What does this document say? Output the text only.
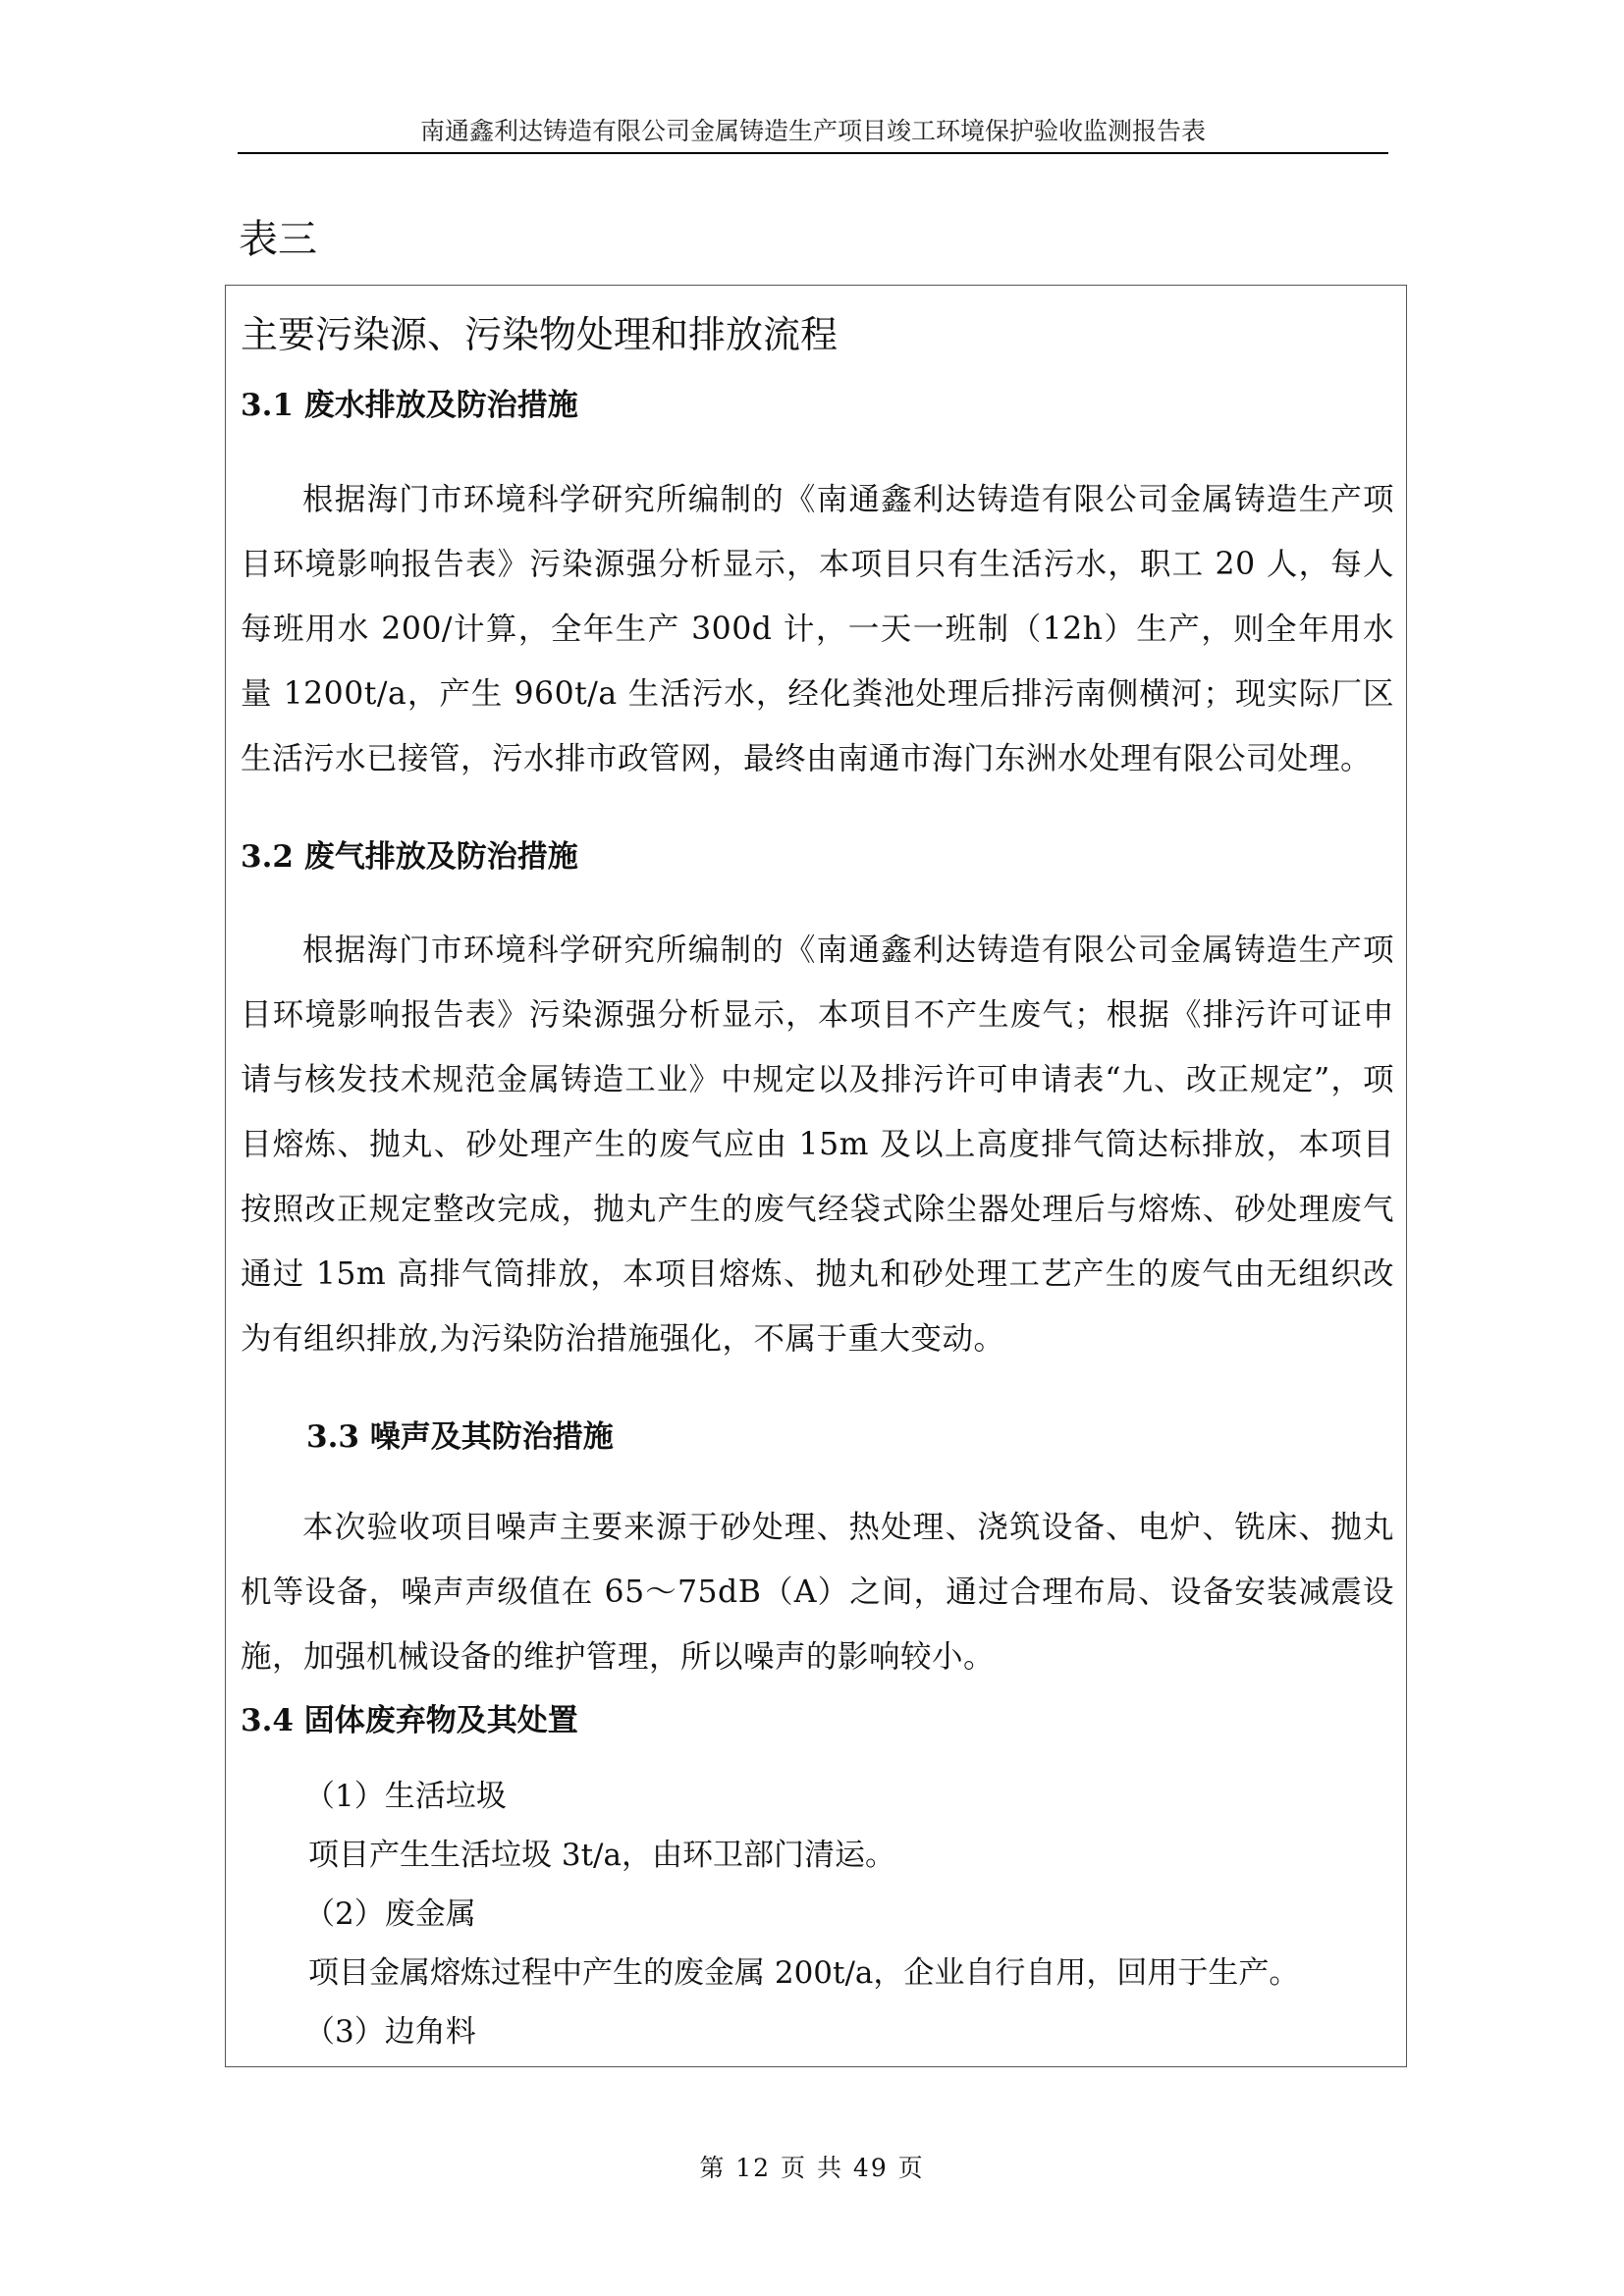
南通鑫利达铸造有限公司金属铸造生产项目竣工环境保护验收监测报告表
表三
主要污染源、污染物处理和排放流程
3.1 废水排放及防治措施

根据海门市环境科学研究所编制的《南通鑫利达铸造有限公司金属铸造生产项目环境影响报告表》污染源强分析显示，本项目只有生活污水，职工 20 人，每人每班用水 200/计算，全年生产 300d 计，一天一班制（12h）生产，则全年用水量 1200t/a，产生 960t/a 生活污水，经化粪池处理后排污南侧横河；现实际厂区生活污水已接管，污水排市政管网，最终由南通市海门东洲水处理有限公司处理。

3.2 废气排放及防治措施

根据海门市环境科学研究所编制的《南通鑫利达铸造有限公司金属铸造生产项目环境影响报告表》污染源强分析显示，本项目不产生废气；根据《排污许可证申请与核发技术规范金属铸造工业》中规定以及排污许可申请表“九、改正规定”，项目熔炼、抛丸、砂处理产生的废气应由 15m 及以上高度排气筒达标排放，本项目按照改正规定整改完成，抛丸产生的废气经袋式除尘器处理后与熔炼、砂处理废气通过 15m 高排气筒排放，本项目熔炼、抛丸和砂处理工艺产生的废气由无组织改为有组织排放,为污染防治措施强化，不属于重大变动。

3.3 噪声及其防治措施

本次验收项目噪声主要来源于砂处理、热处理、浇筑设备、电炉、铣床、抛丸机等设备，噪声声级值在 65～75dB（A）之间，通过合理布局、设备安装减震设施，加强机械设备的维护管理，所以噪声的影响较小。

3.4 固体废弃物及其处置
（1）生活垃圾
项目产生生活垃圾 3t/a，由环卫部门清运。
（2）废金属
项目金属熔炼过程中产生的废金属 200t/a，企业自行自用，回用于生产。
（3）边角料
第 12 页 共 49 页
